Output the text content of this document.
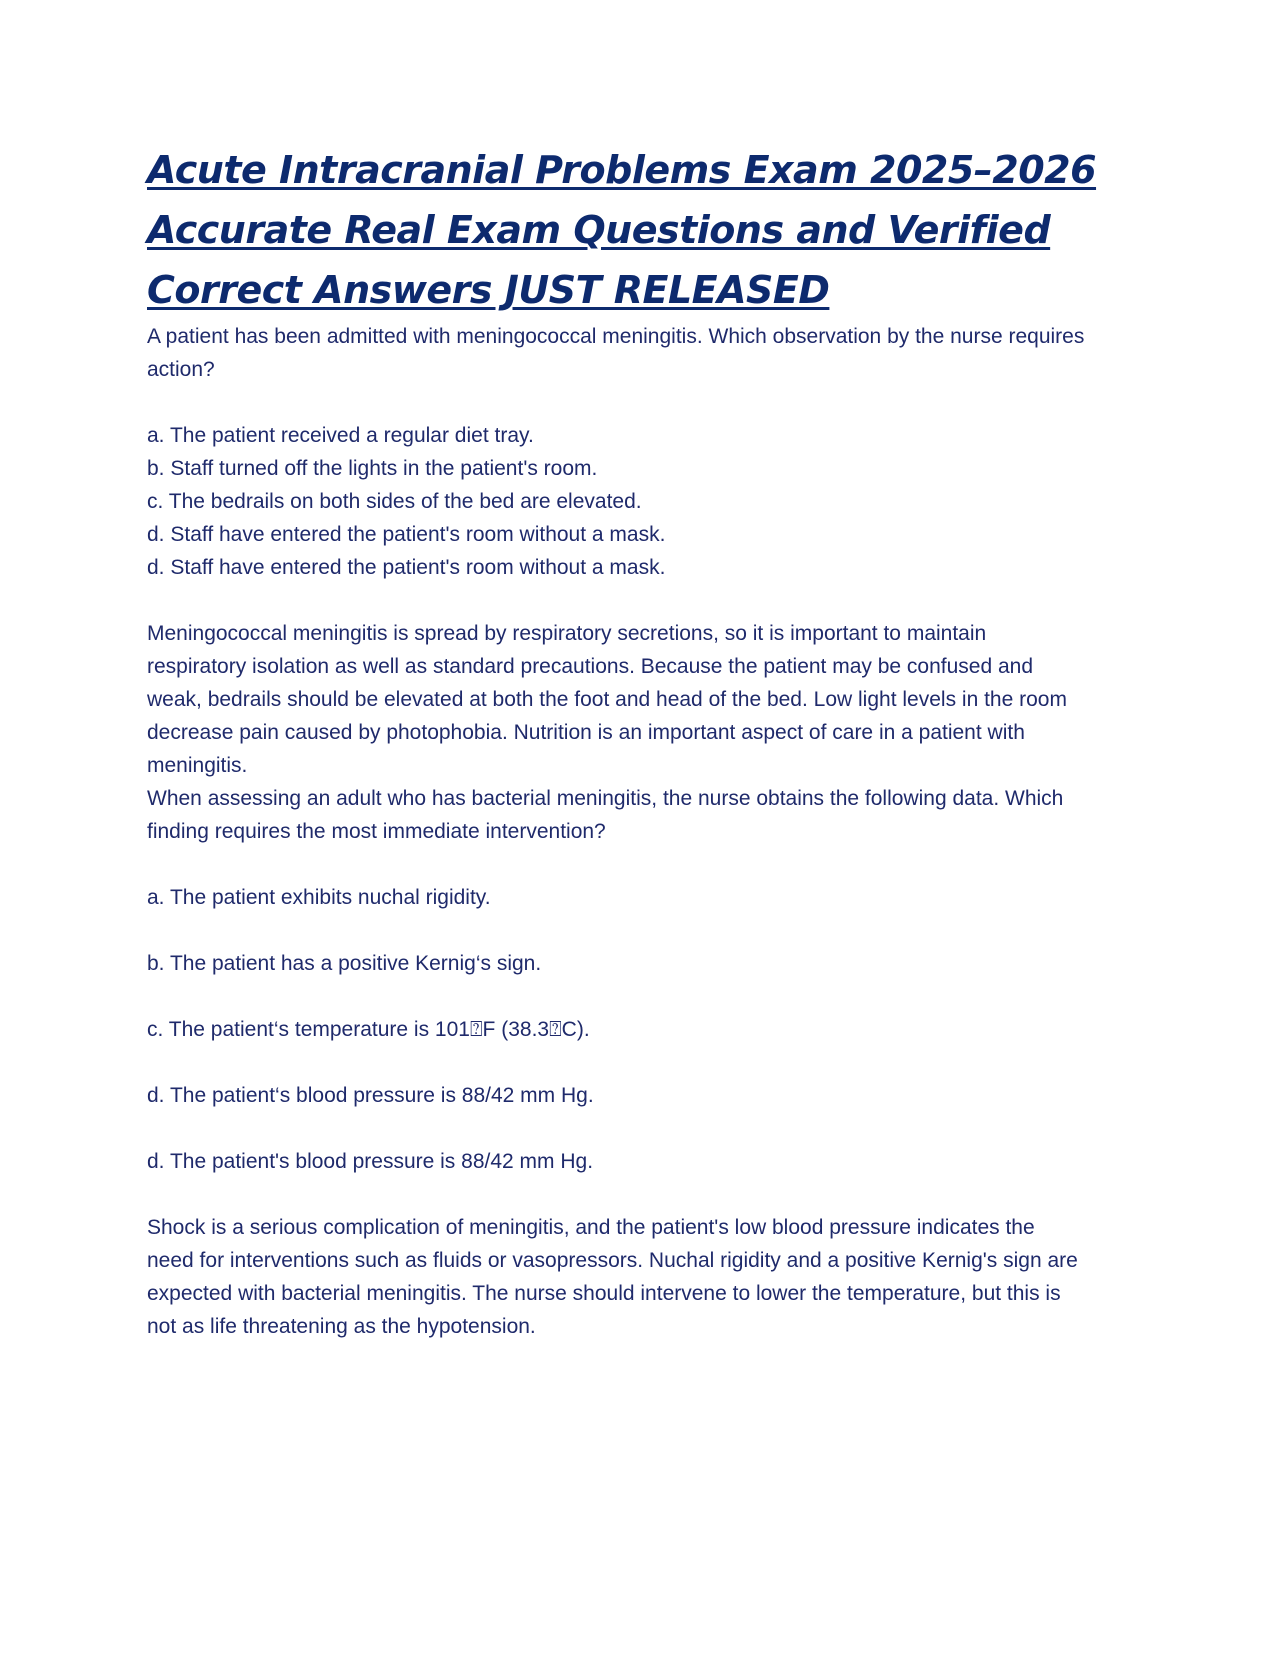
Acute Intracranial Problems Exam 2025–2026
Accurate Real Exam Questions and Verified
Correct Answers JUST RELEASED

A patient has been admitted with meningococcal meningitis. Which observation by the nurse requires action?

a. The patient received a regular diet tray.
b. Staff turned off the lights in the patient's room.
c. The bedrails on both sides of the bed are elevated.
d. Staff have entered the patient's room without a mask.
d. Staff have entered the patient's room without a mask.

Meningococcal meningitis is spread by respiratory secretions, so it is important to maintain respiratory isolation as well as standard precautions. Because the patient may be confused and weak, bedrails should be elevated at both the foot and head of the bed. Low light levels in the room decrease pain caused by photophobia. Nutrition is an important aspect of care in a patient with meningitis.

When assessing an adult who has bacterial meningitis, the nurse obtains the following data. Which finding requires the most immediate intervention?

a. The patient exhibits nuchal rigidity.
b. The patient has a positive Kernig‘s sign.
c. The patient‘s temperature is 101⍰F (38.3⍰C).
d. The patient‘s blood pressure is 88/42 mm Hg.
d. The patient's blood pressure is 88/42 mm Hg.

Shock is a serious complication of meningitis, and the patient's low blood pressure indicates the need for interventions such as fluids or vasopressors. Nuchal rigidity and a positive Kernig's sign are expected with bacterial meningitis. The nurse should intervene to lower the temperature, but this is not as life threatening as the hypotension.
